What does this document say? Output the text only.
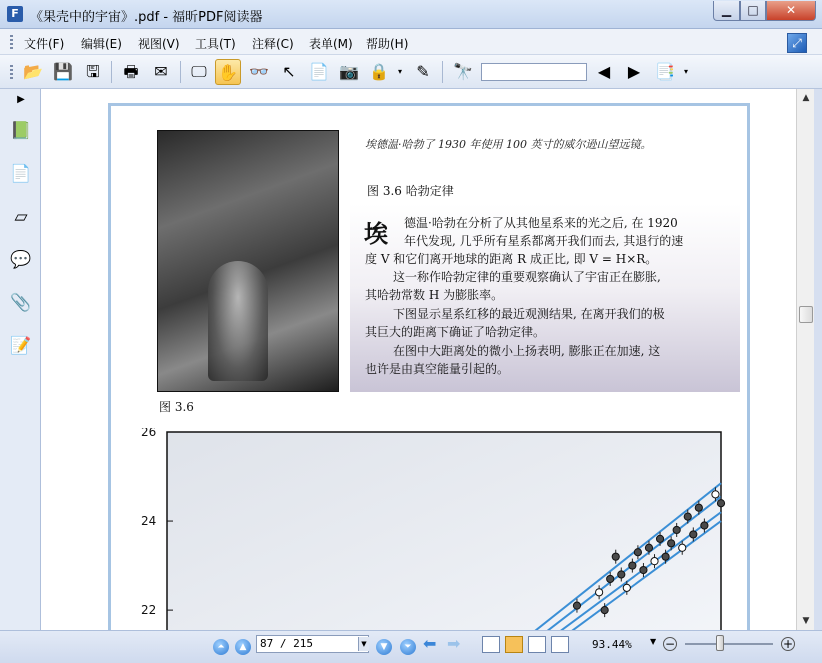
F 《果壳中的宇宙》.pdf - 福昕PDF阅读器	▁	□	✕
文件(F) 编辑(E) 视图(V) 工具(T) 注释(C) 表单(M) 帮助(H)	⤢
📂 💾 🖫	🖶 ✉	🖵 ✋ 👓 ↖ 📄 📷 🔒	▾ ✎	🔭	◀	▶ 📑	▾
▶
📗
📄
▱
💬
📎
📝
埃德温·哈勃了 1930 年使用 100 英寸的威尔逊山望远镜。
图 3.6 哈勃定律
埃 德温·哈勃在分析了从其他星系来的光之后, 在 1920

年代发现, 几乎所有星系都离开我们而去, 其退行的速

度 V 和它们离开地球的距离 R 成正比, 即 V = H×R。

这一称作哈勃定律的重要观察确认了宇宙正在膨胀,

其哈勃常数 H 为膨胀率。

下图显示星系红移的最近观测结果, 在离开我们的极

其巨大的距离下确证了哈勃定律。

在图中大距离处的微小上扬表明, 膨胀正在加速, 这

也许是由真空能量引起的。

图 3.6
26
24
22
▲
▼
⏶	▲	▼	⏷
87 / 215	▼	⬅ ➡	93.44% ▼ −	+
